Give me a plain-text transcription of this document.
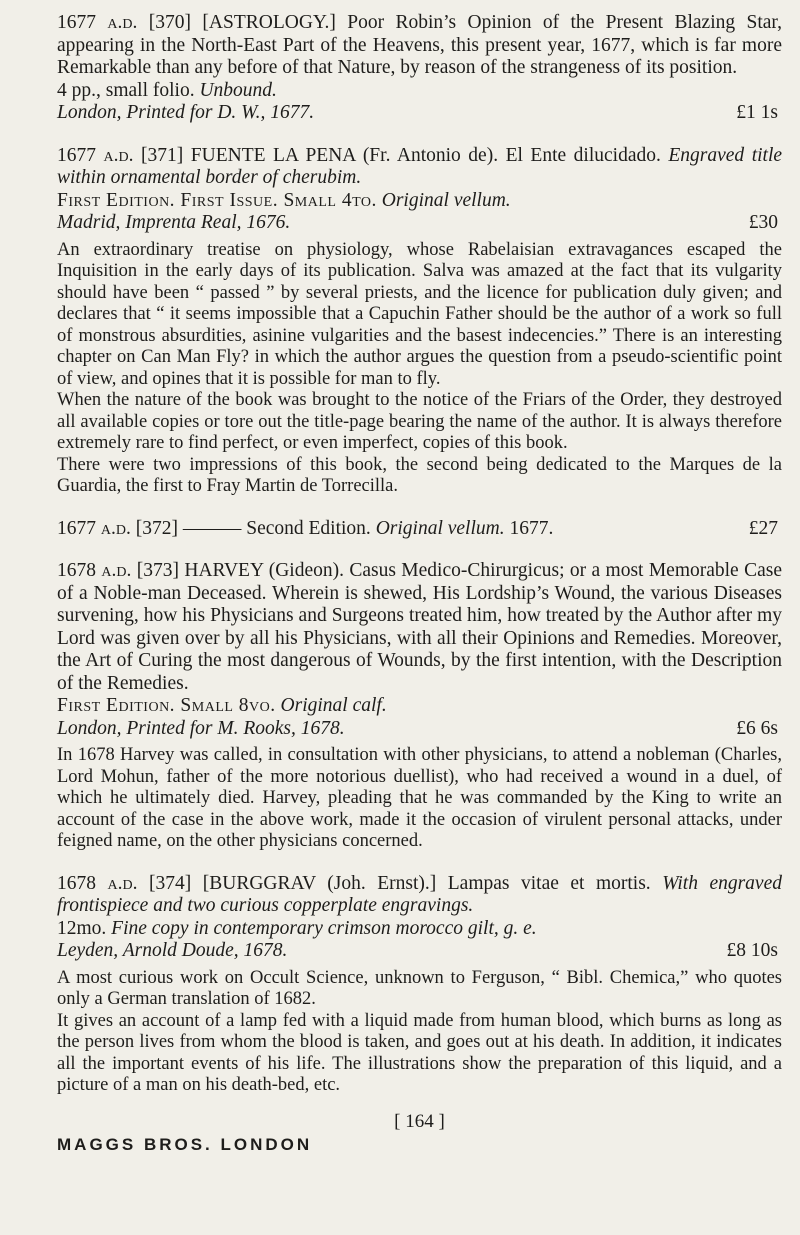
1677 a.d. [370] [ASTROLOGY.] Poor Robin’s Opinion of the Present Blazing Star, appearing in the North-East Part of the Heavens, this present year, 1677, which is far more Remarkable than any before of that Nature, by reason of the strangeness of its position.

4 pp., small folio. Unbound.

London, Printed for D. W., 1677.	£1 1s

1677 a.d. [371] FUENTE LA PENA (Fr. Antonio de). El Ente dilucidado. Engraved title within ornamental border of cherubim.

First Edition. First Issue. Small 4to. Original vellum.

Madrid, Imprenta Real, 1676.	£30

An extraordinary treatise on physiology, whose Rabelaisian extravagances escaped the Inquisition in the early days of its publication. Salva was amazed at the fact that its vulgarity should have been “ passed ” by several priests, and the licence for publication duly given; and declares that “ it seems impossible that a Capuchin Father should be the author of a work so full of monstrous absurdities, asinine vulgarities and the basest indecencies.” There is an interesting chapter on Can Man Fly? in which the author argues the question from a pseudo-scientific point of view, and opines that it is possible for man to fly.

When the nature of the book was brought to the notice of the Friars of the Order, they destroyed all available copies or tore out the title-page bearing the name of the author. It is always therefore extremely rare to find perfect, or even imperfect, copies of this book.

There were two impressions of this book, the second being dedicated to the Marques de la Guardia, the first to Fray Martin de Torrecilla.

1677 a.d. [372] ——— Second Edition. Original vellum. 1677.	£27

1678 a.d. [373] HARVEY (Gideon). Casus Medico-Chirurgicus; or a most Memorable Case of a Noble-man Deceased. Wherein is shewed, His Lordship’s Wound, the various Diseases survening, how his Physicians and Surgeons treated him, how treated by the Author after my Lord was given over by all his Physicians, with all their Opinions and Remedies. Moreover, the Art of Curing the most dangerous of Wounds, by the first intention, with the Description of the Remedies.

First Edition. Small 8vo. Original calf.

London, Printed for M. Rooks, 1678.	£6 6s

In 1678 Harvey was called, in consultation with other physicians, to attend a nobleman (Charles, Lord Mohun, father of the more notorious duellist), who had received a wound in a duel, of which he ultimately died. Harvey, pleading that he was commanded by the King to write an account of the case in the above work, made it the occasion of virulent personal attacks, under feigned name, on the other physicians concerned.

1678 a.d. [374] [BURGGRAV (Joh. Ernst).] Lampas vitae et mortis. With engraved frontispiece and two curious copperplate engravings.

12mo. Fine copy in contemporary crimson morocco gilt, g. e.

Leyden, Arnold Doude, 1678.	£8 10s

A most curious work on Occult Science, unknown to Ferguson, “ Bibl. Chemica,” who quotes only a German translation of 1682.

It gives an account of a lamp fed with a liquid made from human blood, which burns as long as the person lives from whom the blood is taken, and goes out at his death. In addition, it indicates all the important events of his life. The illustrations show the preparation of this liquid, and a picture of a man on his death-bed, etc.

[ 164 ]
MAGGS BROS. LONDON
